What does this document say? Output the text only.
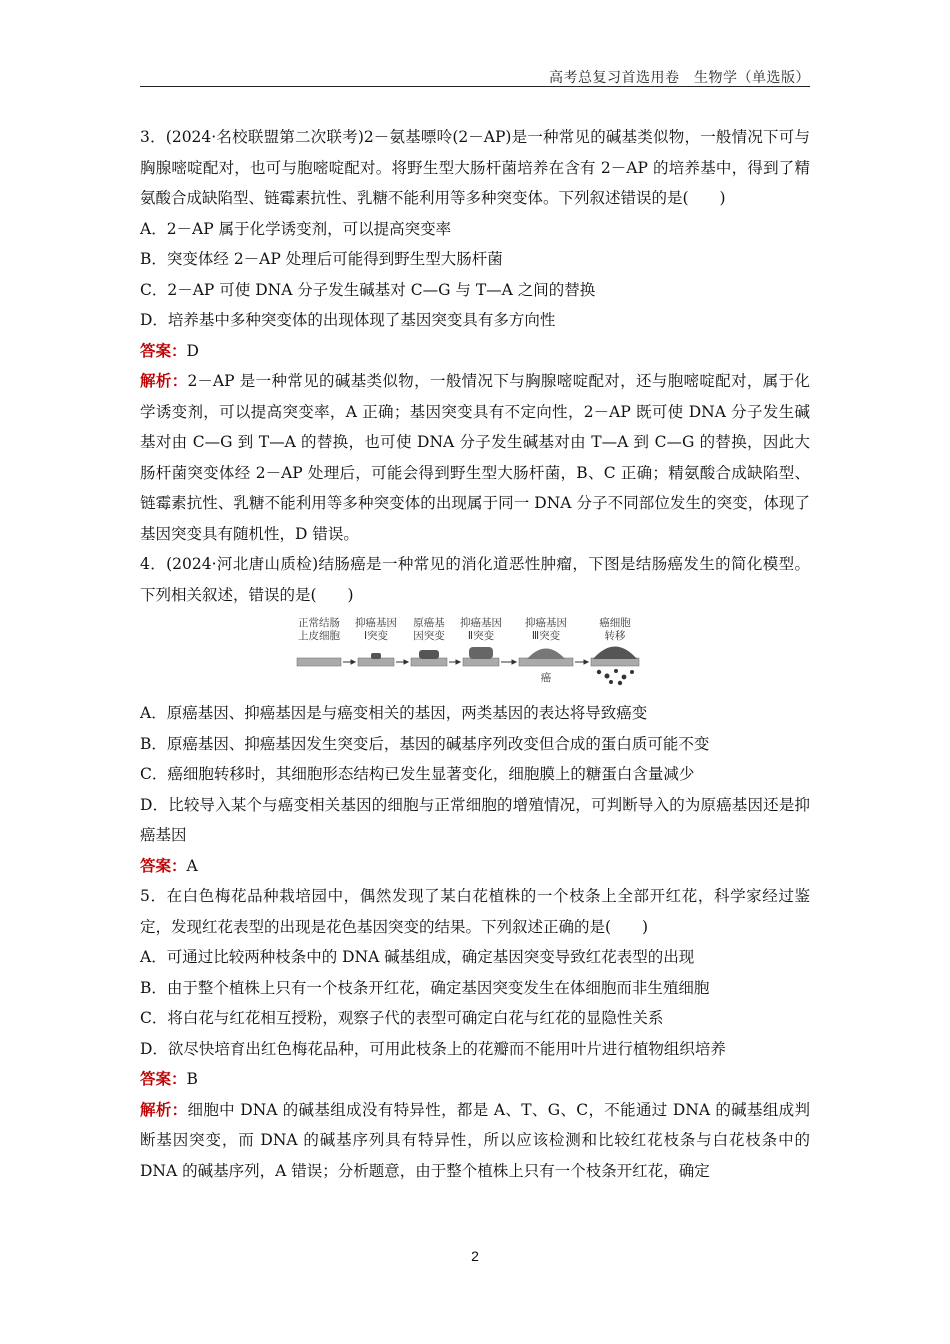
高考总复习首选用卷　生物学（单选版）

3．(2024·名校联盟第二次联考)2－氨基嘌呤(2－AP)是一种常见的碱基类似物，一般情况下可与胸腺嘧啶配对，也可与胞嘧啶配对。将野生型大肠杆菌培养在含有 2－AP 的培养基中，得到了精氨酸合成缺陷型、链霉素抗性、乳糖不能利用等多种突变体。下列叙述错误的是(　　)

A．2－AP 属于化学诱变剂，可以提高突变率

B．突变体经 2－AP 处理后可能得到野生型大肠杆菌

C．2－AP 可使 DNA 分子发生碱基对 C—G 与 T—A 之间的替换

D．培养基中多种突变体的出现体现了基因突变具有多方向性

答案：D

解析：2－AP 是一种常见的碱基类似物，一般情况下与胸腺嘧啶配对，还与胞嘧啶配对，属于化学诱变剂，可以提高突变率，A 正确；基因突变具有不定向性，2－AP 既可使 DNA 分子发生碱基对由 C—G 到 T—A 的替换，也可使 DNA 分子发生碱基对由 T—A 到 C—G 的替换，因此大肠杆菌突变体经 2－AP 处理后，可能会得到野生型大肠杆菌，B、C 正确；精氨酸合成缺陷型、链霉素抗性、乳糖不能利用等多种突变体的出现属于同一 DNA 分子不同部位发生的突变，体现了基因突变具有随机性，D 错误。

4．(2024·河北唐山质检)结肠癌是一种常见的消化道恶性肿瘤，下图是结肠癌发生的简化模型。下列相关叙述，错误的是(　　)

正常结肠
上皮细胞
抑癌基因
Ⅰ突变
原癌基
因突变
抑癌基因
Ⅱ突变
抑癌基因
Ⅲ突变
癌细胞
转移
癌

A．原癌基因、抑癌基因是与癌变相关的基因，两类基因的表达将导致癌变

B．原癌基因、抑癌基因发生突变后，基因的碱基序列改变但合成的蛋白质可能不变

C．癌细胞转移时，其细胞形态结构已发生显著变化，细胞膜上的糖蛋白含量减少

D．比较导入某个与癌变相关基因的细胞与正常细胞的增殖情况，可判断导入的为原癌基因还是抑癌基因

答案：A

5．在白色梅花品种栽培园中，偶然发现了某白花植株的一个枝条上全部开红花，科学家经过鉴定，发现红花表型的出现是花色基因突变的结果。下列叙述正确的是(　　)

A．可通过比较两种枝条中的 DNA 碱基组成，确定基因突变导致红花表型的出现

B．由于整个植株上只有一个枝条开红花，确定基因突变发生在体细胞而非生殖细胞

C．将白花与红花相互授粉，观察子代的表型可确定白花与红花的显隐性关系

D．欲尽快培育出红色梅花品种，可用此枝条上的花瓣而不能用叶片进行植物组织培养

答案：B

解析：细胞中 DNA 的碱基组成没有特异性，都是 A、T、G、C，不能通过 DNA 的碱基组成判断基因突变，而 DNA 的碱基序列具有特异性，所以应该检测和比较红花枝条与白花枝条中的 DNA 的碱基序列，A 错误；分析题意，由于整个植株上只有一个枝条开红花，确定

2
